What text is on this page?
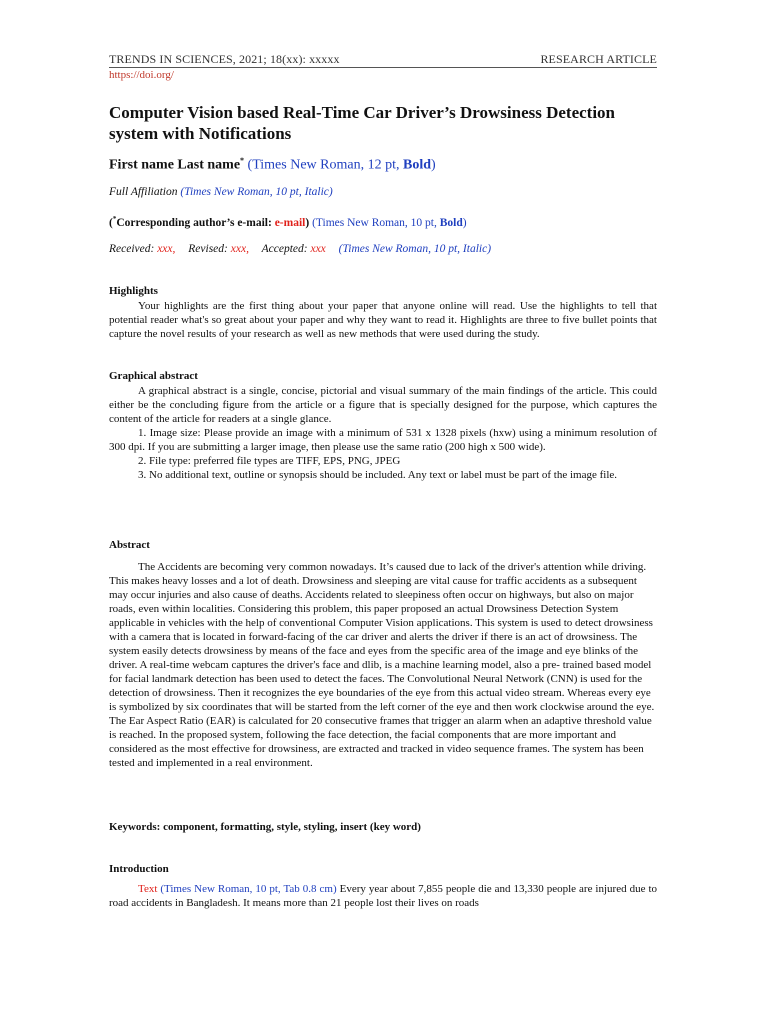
TRENDS IN SCIENCES, 2021; 18(xx): xxxxx	RESEARCH ARTICLE
https://doi.org/
Computer Vision based Real-Time Car Driver’s Drowsiness Detection system with Notifications
First name Last name* (Times New Roman, 12 pt, Bold)
Full Affiliation (Times New Roman, 10 pt, Italic)
(*Corresponding author’s e-mail: e-mail) (Times New Roman, 10 pt, Bold)
Received: xxx, Revised: xxx, Accepted: xxx (Times New Roman, 10 pt, Italic)
Highlights
Your highlights are the first thing about your paper that anyone online will read. Use the highlights to tell that potential reader what's so great about your paper and why they want to read it. Highlights are three to five bullet points that capture the novel results of your research as well as new methods that were used during the study.
Graphical abstract
A graphical abstract is a single, concise, pictorial and visual summary of the main findings of the article. This could either be the concluding figure from the article or a figure that is specially designed for the purpose, which captures the content of the article for readers at a single glance.
1. Image size: Please provide an image with a minimum of 531 x 1328 pixels (hxw) using a minimum resolution of 300 dpi. If you are submitting a larger image, then please use the same ratio (200 high x 500 wide).
2. File type: preferred file types are TIFF, EPS, PNG, JPEG
3. No additional text, outline or synopsis should be included. Any text or label must be part of the image file.
Abstract
The Accidents are becoming very common nowadays. It’s caused due to lack of the driver's attention while driving. This makes heavy losses and a lot of death. Drowsiness and sleeping are vital cause for traffic accidents as a subsequent may occur injuries and also cause of deaths. Accidents related to sleepiness often occur on highways, but also on major roads, even within localities. Considering this problem, this paper proposed an actual Drowsiness Detection System applicable in vehicles with the help of conventional Computer Vision applications. This system is used to detect drowsiness with a camera that is located in forward-facing of the car driver and alerts the driver if there is an act of drowsiness. The system easily detects drowsiness by means of the face and eyes from the specific area of the image and eye blinks of the driver. A real-time webcam captures the driver's face and dlib, is a machine learning model, also a pre- trained based model for facial landmark detection has been used to detect the faces. The Convolutional Neural Network (CNN) is used for the detection of drowsiness. Then it recognizes the eye boundaries of the eye from this actual video stream. Whereas every eye is symbolized by six coordinates that will be started from the left corner of the eye and then work clockwise around the eye. The Ear Aspect Ratio (EAR) is calculated for 20 consecutive frames that trigger an alarm when an adaptive threshold value is reached. In the proposed system, following the face detection, the facial components that are more important and considered as the most effective for drowsiness, are extracted and tracked in video sequence frames. The system has been tested and implemented in a real environment.
Keywords: component, formatting, style, styling, insert (key word)
Introduction
Text (Times New Roman, 10 pt, Tab 0.8 cm) Every year about 7,855 people die and 13,330 people are injured due to road accidents in Bangladesh. It means more than 21 people lost their lives on roads
